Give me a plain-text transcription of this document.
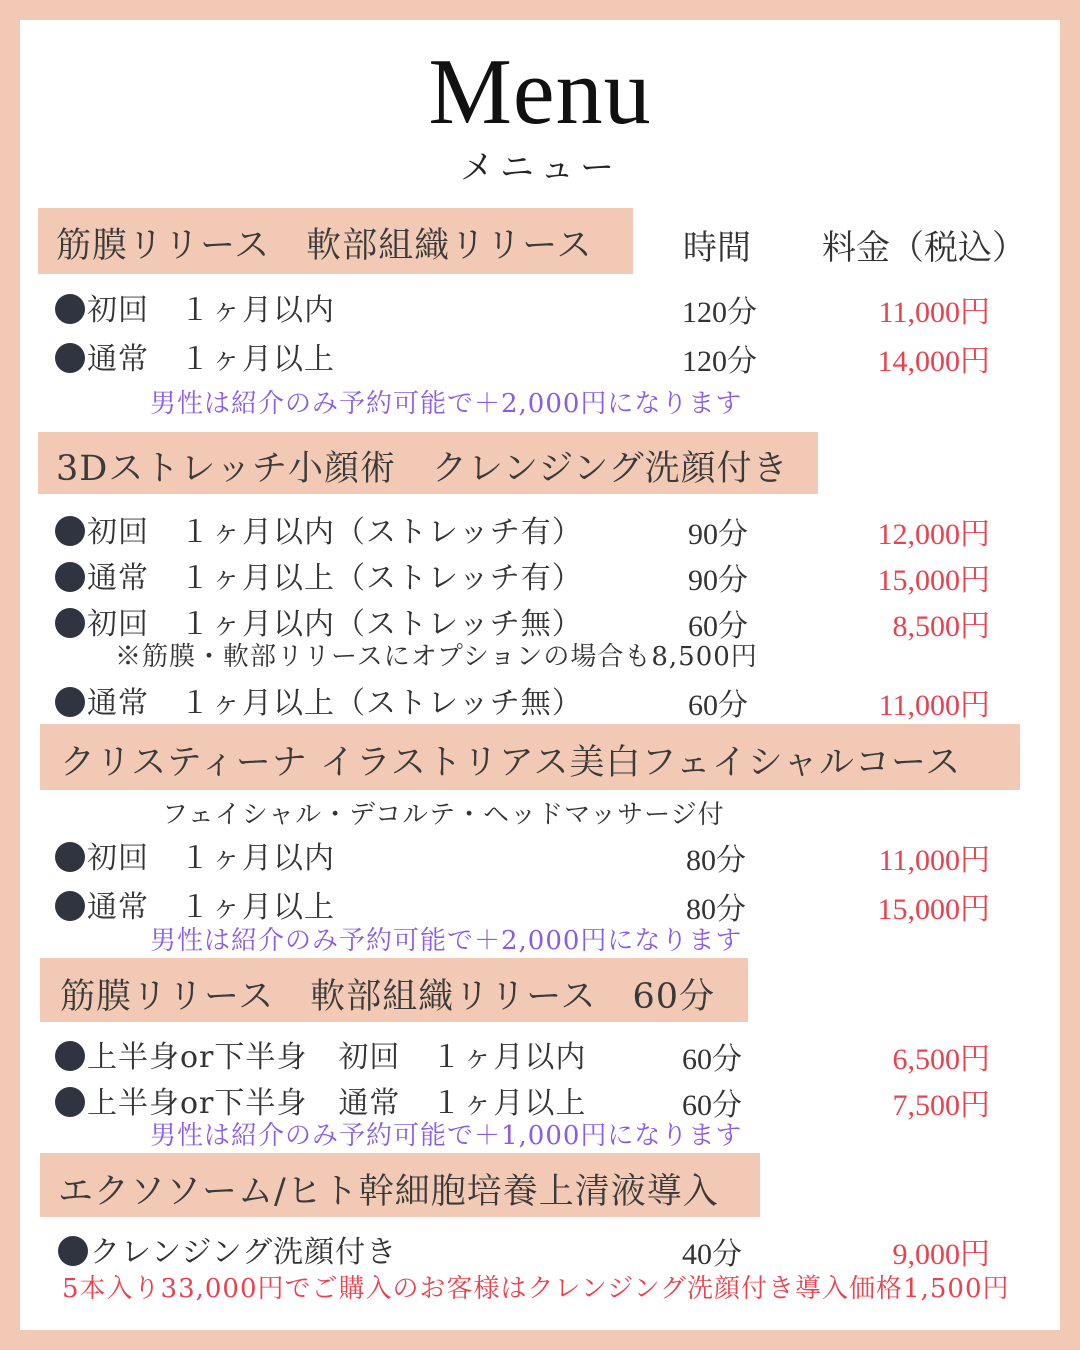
Menu
メニュー
筋膜リリース　軟部組織リリース	時間 料金（税込）
初回　１ヶ月以内	120分	11,000円
通常　１ヶ月以上	120分	14,000円
男性は紹介のみ予約可能で＋2,000円になります
3Dストレッチ小顔術　クレンジング洗顔付き
初回　１ヶ月以内（ストレッチ有）	90分	12,000円
通常　１ヶ月以上（ストレッチ有）	90分	15,000円
初回　１ヶ月以内（ストレッチ無）	60分	8,500円
※筋膜・軟部リリースにオプションの場合も8,500円
通常　１ヶ月以上（ストレッチ無）	60分	11,000円
クリスティーナ イラストリアス美白フェイシャルコース
フェイシャル・デコルテ・ヘッドマッサージ付
初回　１ヶ月以内	80分	11,000円
通常　１ヶ月以上	80分	15,000円
男性は紹介のみ予約可能で＋2,000円になります
筋膜リリース　軟部組織リリース　60分
上半身or下半身　初回　１ヶ月以内	60分	6,500円
上半身or下半身　通常　１ヶ月以上	60分	7,500円
男性は紹介のみ予約可能で＋1,000円になります
エクソソーム/ヒト幹細胞培養上清液導入
クレンジング洗顔付き	40分	9,000円
5本入り33,000円でご購入のお客様はクレンジング洗顔付き導入価格1,500円
